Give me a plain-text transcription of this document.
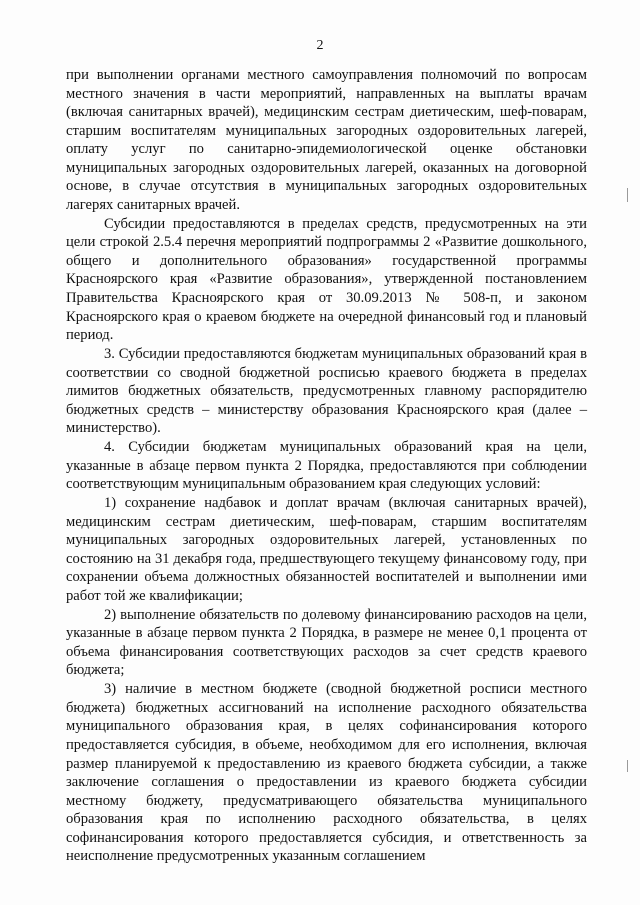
2

при выполнении органами местного самоуправления полномочий по вопросам местного значения в части мероприятий, направленных на выплаты врачам (включая санитарных врачей), медицинским сестрам диетическим, шеф-поварам, старшим воспитателям муниципальных загородных оздоровительных лагерей, оплату услуг по санитарно-эпидемиологической оценке обстановки муниципальных загородных оздоровительных лагерей, оказанных на договорной основе, в случае отсутствия в муниципальных загородных оздоровительных лагерях санитарных врачей.

Субсидии предоставляются в пределах средств, предусмотренных на эти цели строкой 2.5.4 перечня мероприятий подпрограммы 2 «Развитие дошкольного, общего и дополнительного образования» государственной программы Красноярского края «Развитие образования», утвержденной постановлением Правительства Красноярского края от 30.09.2013 № 508-п, и законом Красноярского края о краевом бюджете на очередной финансовый год и плановый период.

3. Субсидии предоставляются бюджетам муниципальных образований края в соответствии со сводной бюджетной росписью краевого бюджета в пределах лимитов бюджетных обязательств, предусмотренных главному распорядителю бюджетных средств – министерству образования Красноярского края (далее – министерство).

4. Субсидии бюджетам муниципальных образований края на цели, указанные в абзаце первом пункта 2 Порядка, предоставляются при соблюдении соответствующим муниципальным образованием края следующих условий:

1) сохранение надбавок и доплат врачам (включая санитарных врачей), медицинским сестрам диетическим, шеф-поварам, старшим воспитателям муниципальных загородных оздоровительных лагерей, установленных по состоянию на 31 декабря года, предшествующего текущему финансовому году, при сохранении объема должностных обязанностей воспитателей и выполнении ими работ той же квалификации;

2) выполнение обязательств по долевому финансированию расходов на цели, указанные в абзаце первом пункта 2 Порядка, в размере не менее 0,1 процента от объема финансирования соответствующих расходов за счет средств краевого бюджета;

3) наличие в местном бюджете (сводной бюджетной росписи местного бюджета) бюджетных ассигнований на исполнение расходного обязательства муниципального образования края, в целях софинансирования которого предоставляется субсидия, в объеме, необходимом для его исполнения, включая размер планируемой к предоставлению из краевого бюджета субсидии, а также заключение соглашения о предоставлении из краевого бюджета субсидии местному бюджету, предусматривающего обязательства муниципального образования края по исполнению расходного обязательства, в целях софинансирования которого предоставляется субсидия, и ответственность за неисполнение предусмотренных указанным соглашением
